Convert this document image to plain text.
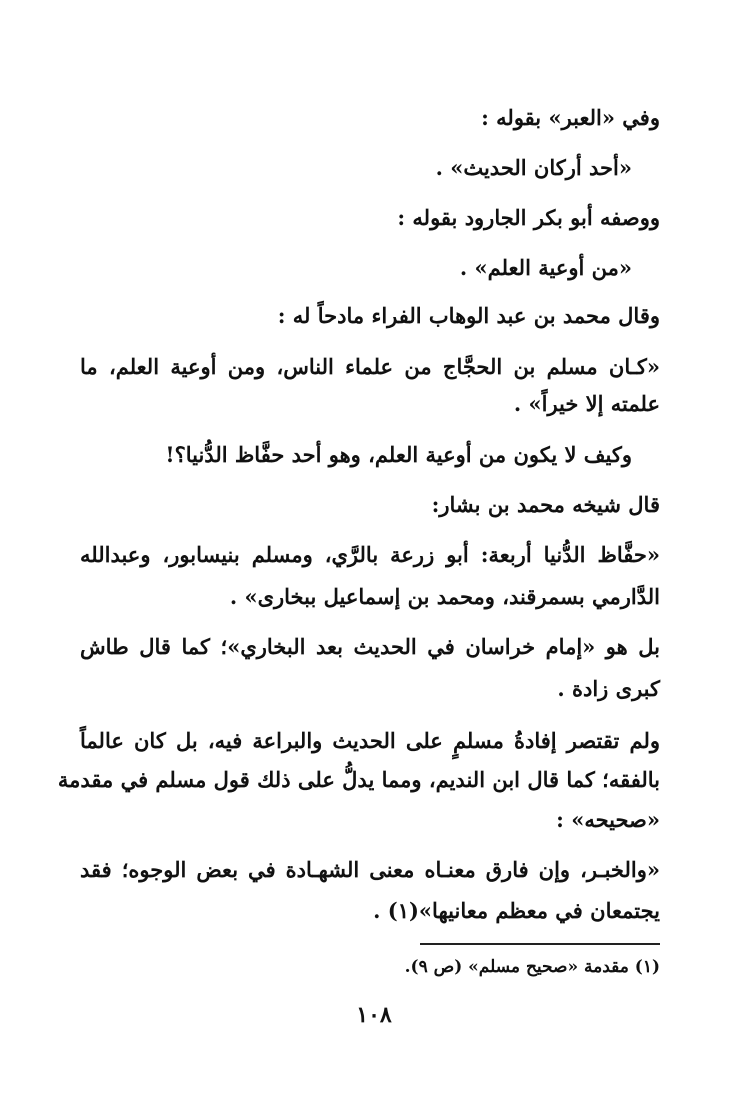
وفي «العبر» بقوله :
«أحد أركان الحديث» .
ووصفه أبو بكر الجارود بقوله :
«من أوعية العلم» .
وقال محمد بن عبد الوهاب الفراء مادحاً له :
«كـان مسلم بن الحجَّاج من علماء الناس، ومن أوعية العلم، ما
علمته إلا خيراً» .
وكيف لا يكون من أوعية العلم، وهو أحد حفَّاظ الدُّنيا؟!
قال شيخه محمد بن بشار:
«حفَّاظ الدُّنيا أربعة: أبو زرعة بالرَّي، ومسلم بنيسابور، وعبدالله
الدَّارمي بسمرقند، ومحمد بن إسماعيل ببخارى» .
بل هو «إمام خراسان في الحديث بعد البخاري»؛ كما قال طاش
كبرى زادة .
ولم تقتصر إفادةُ مسلمٍ على الحديث والبراعة فيه، بل كان عالماً
بالفقه؛ كما قال ابن النديم، ومما يدلُّ على ذلك قول مسلم في مقدمة
«صحيحه» :
«والخبـر، وإن فارق معنـاه معنى الشهـادة في بعض الوجوه؛ فقد
يجتمعان في معظم معانيها»(١) .
(١) مقدمة «صحيح مسلم» (ص ٩).
١٠٨
